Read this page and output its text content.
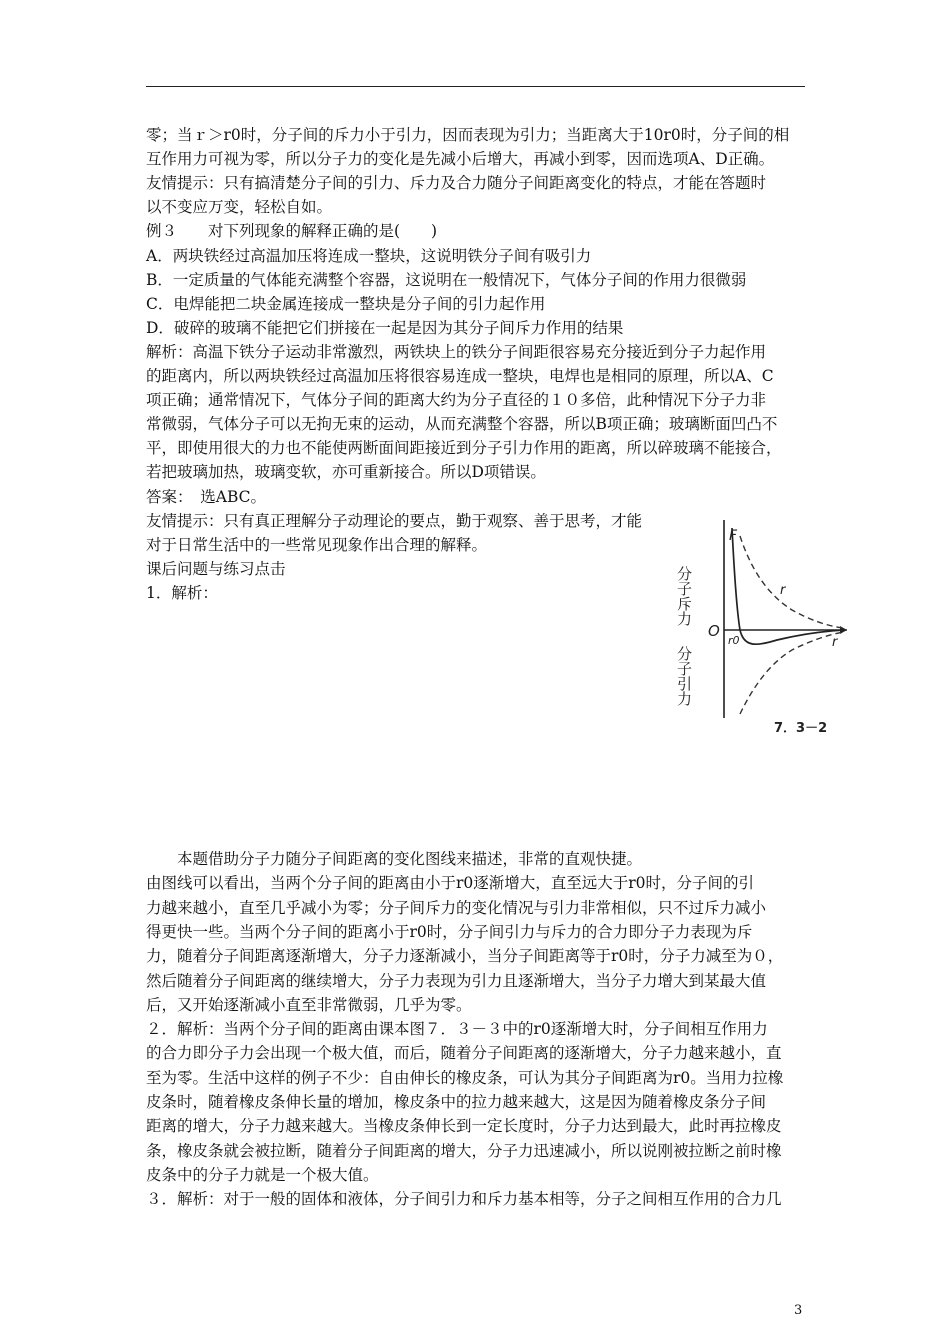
零；当ｒ＞r0时，分子间的斥力小于引力，因而表现为引力；当距离大于10r0时，分子间的相
互作用力可视为零，所以分子力的变化是先减小后增大，再减小到零，因而选项A、D正确。
友情提示：只有搞清楚分子间的引力、斥力及合力随分子间距离变化的特点，才能在答题时
以不变应万变，轻松自如。
例３　　对下列现象的解释正确的是(　　)
A．两块铁经过高温加压将连成一整块，这说明铁分子间有吸引力
B．一定质量的气体能充满整个容器，这说明在一般情况下，气体分子间的作用力很微弱
C．电焊能把二块金属连接成一整块是分子间的引力起作用
D．破碎的玻璃不能把它们拼接在一起是因为其分子间斥力作用的结果
解析：高温下铁分子运动非常激烈，两铁块上的铁分子间距很容易充分接近到分子力起作用
的距离内，所以两块铁经过高温加压将很容易连成一整块，电焊也是相同的原理，所以A、C
项正确；通常情况下，气体分子间的距离大约为分子直径的１０多倍，此种情况下分子力非
常微弱，气体分子可以无拘无束的运动，从而充满整个容器，所以B项正确；玻璃断面凹凸不
平，即使用很大的力也不能使两断面间距接近到分子引力作用的距离，所以碎玻璃不能接合，
若把玻璃加热，玻璃变软，亦可重新接合。所以D项错误。
答案：　选ABC。
友情提示：只有真正理解分子动理论的要点，勤于观察、善于思考，才能
对于日常生活中的一些常见现象作出合理的解释。
课后问题与练习点击
1．解析：
　　本题借助分子力随分子间距离的变化图线来描述，非常的直观快捷。
由图线可以看出，当两个分子间的距离由小于r0逐渐增大，直至远大于r0时，分子间的引
力越来越小，直至几乎减小为零；分子间斥力的变化情况与引力非常相似，只不过斥力减小
得更快一些。当两个分子间的距离小于r0时，分子间引力与斥力的合力即分子力表现为斥
力，随着分子间距离逐渐增大，分子力逐渐减小，当分子间距离等于r0时，分子力减至为０，
然后随着分子间距离的继续增大，分子力表现为引力且逐渐增大，当分子力增大到某最大值
后，又开始逐渐减小直至非常微弱，几乎为零。
２．解析：当两个分子间的距离由课本图７．３－３中的r0逐渐增大时，分子间相互作用力
的合力即分子力会出现一个极大值，而后，随着分子间距离的逐渐增大，分子力越来越小，直
至为零。生活中这样的例子不少：自由伸长的橡皮条，可认为其分子间距离为r0。当用力拉橡
皮条时，随着橡皮条伸长量的增加，橡皮条中的拉力越来越大，这是因为随着橡皮条分子间
距离的增大，分子力越来越大。当橡皮条伸长到一定长度时，分子力达到最大，此时再拉橡皮
条，橡皮条就会被拉断，随着分子间距离的增大，分子力迅速减小，所以说刚被拉断之前时橡
皮条中的分子力就是一个极大值。
３．解析：对于一般的固体和液体，分子间引力和斥力基本相等，分子之间相互作用的合力几
分子斥力
分子引力
F
O
r
r
r0
7．3－2
3
